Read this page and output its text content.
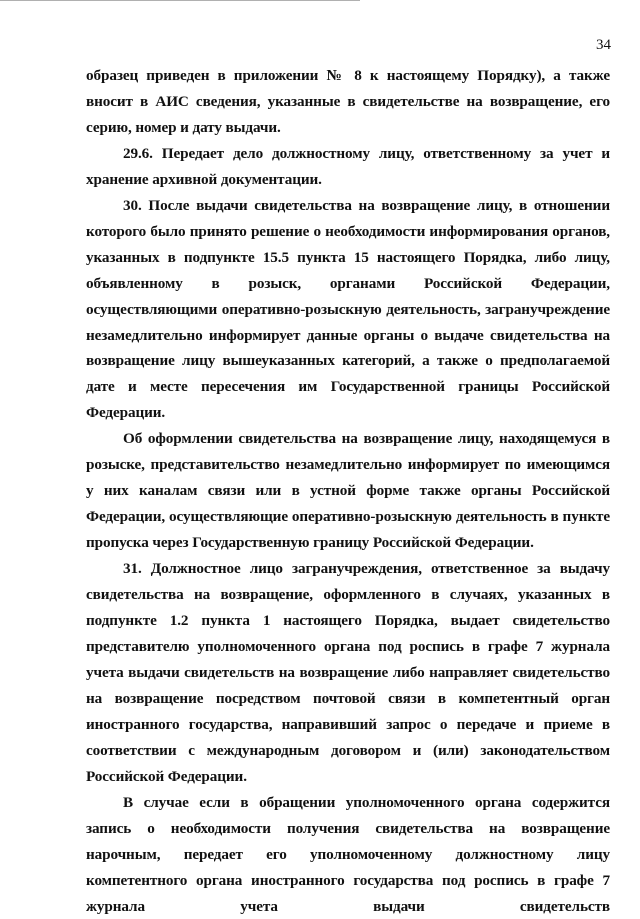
34

образец приведен в приложении № 8 к настоящему Порядку), а также вносит в АИС сведения, указанные в свидетельстве на возвращение, его серию, номер и дату выдачи.

29.6. Передает дело должностному лицу, ответственному за учет и хранение архивной документации.

30. После выдачи свидетельства на возвращение лицу, в отношении которого было принято решение о необходимости информирования органов, указанных в подпункте 15.5 пункта 15 настоящего Порядка, либо лицу, объявленному в розыск, органами Российской Федерации, осуществляющими оперативно-розыскную деятельность, загранучреждение незамедлительно информирует данные органы о выдаче свидетельства на возвращение лицу вышеуказанных категорий, а также о предполагаемой дате и месте пересечения им Государственной границы Российской Федерации.

Об оформлении свидетельства на возвращение лицу, находящемуся в розыске, представительство незамедлительно информирует по имеющимся у них каналам связи или в устной форме также органы Российской Федерации, осуществляющие оперативно-розыскную деятельность в пункте пропуска через Государственную границу Российской Федерации.

31. Должностное лицо загранучреждения, ответственное за выдачу свидетельства на возвращение, оформленного в случаях, указанных в подпункте 1.2 пункта 1 настоящего Порядка, выдает свидетельство представителю уполномоченного органа под роспись в графе 7 журнала учета выдачи свидетельств на возвращение либо направляет свидетельство на возвращение посредством почтовой связи в компетентный орган иностранного государства, направивший запрос о передаче и приеме в соответствии с международным договором и (или) законодательством Российской Федерации.

В случае если в обращении уполномоченного органа содержится запись о необходимости получения свидетельства на возвращение нарочным, передает его уполномоченному должностному лицу компетентного органа иностранного государства под роспись в графе 7 журнала учета выдачи свидетельств
